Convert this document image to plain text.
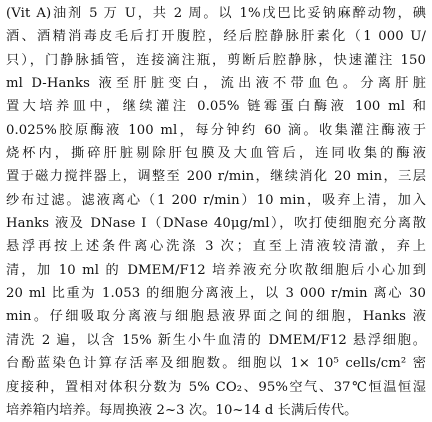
(Vit A)油剂 5 万 U，共 2 周。以 1%戊巴比妥钠麻醉动物，碘
酒、酒精消毒皮毛后打开腹腔，经后腔静脉肝素化（1 000 U/
只），门静脉插管，连接滴注瓶，剪断后腔静脉，快速灌注 150
ml D-Hanks 液至肝脏变白，流出液不带血色。分离肝脏
置大培养皿中，继续灌注 0.05% 链霉蛋白酶液 100 ml 和
0.025%胶原酶液 100 ml，每分钟约 60 滴。收集灌注酶液于
烧杯内，撕碎肝脏剔除肝包膜及大血管后，连同收集的酶液
置于磁力搅拌器上，调整至 200 r/min，继续消化 20 min，三层
纱布过滤。滤液离心（1 200 r/min）10 min，吸弃上清，加入
Hanks 液及 DNase Ⅰ（DNase 40μg/ml），吹打使细胞充分离散
悬浮再按上述条件离心洗涤 3 次；直至上清液较清澈，弃上
清，加 10 ml 的 DMEM/F12 培养液充分吹散细胞后小心加到
20 ml 比重为 1.053 的细胞分离液上，以 3 000 r/min 离心 30
min。仔细吸取分离液与细胞悬液界面之间的细胞，Hanks 液
清洗 2 遍，以含 15% 新生小牛血清的 DMEM/F12 悬浮细胞。
台酚蓝染色计算存活率及细胞数。细胞以 1× 10⁵ cells/cm² 密
度接种，置相对体积分数为 5% CO₂、95%空气、37℃恒温恒湿
培养箱内培养。每周换液 2~3 次。10~14 d 长满后传代。
